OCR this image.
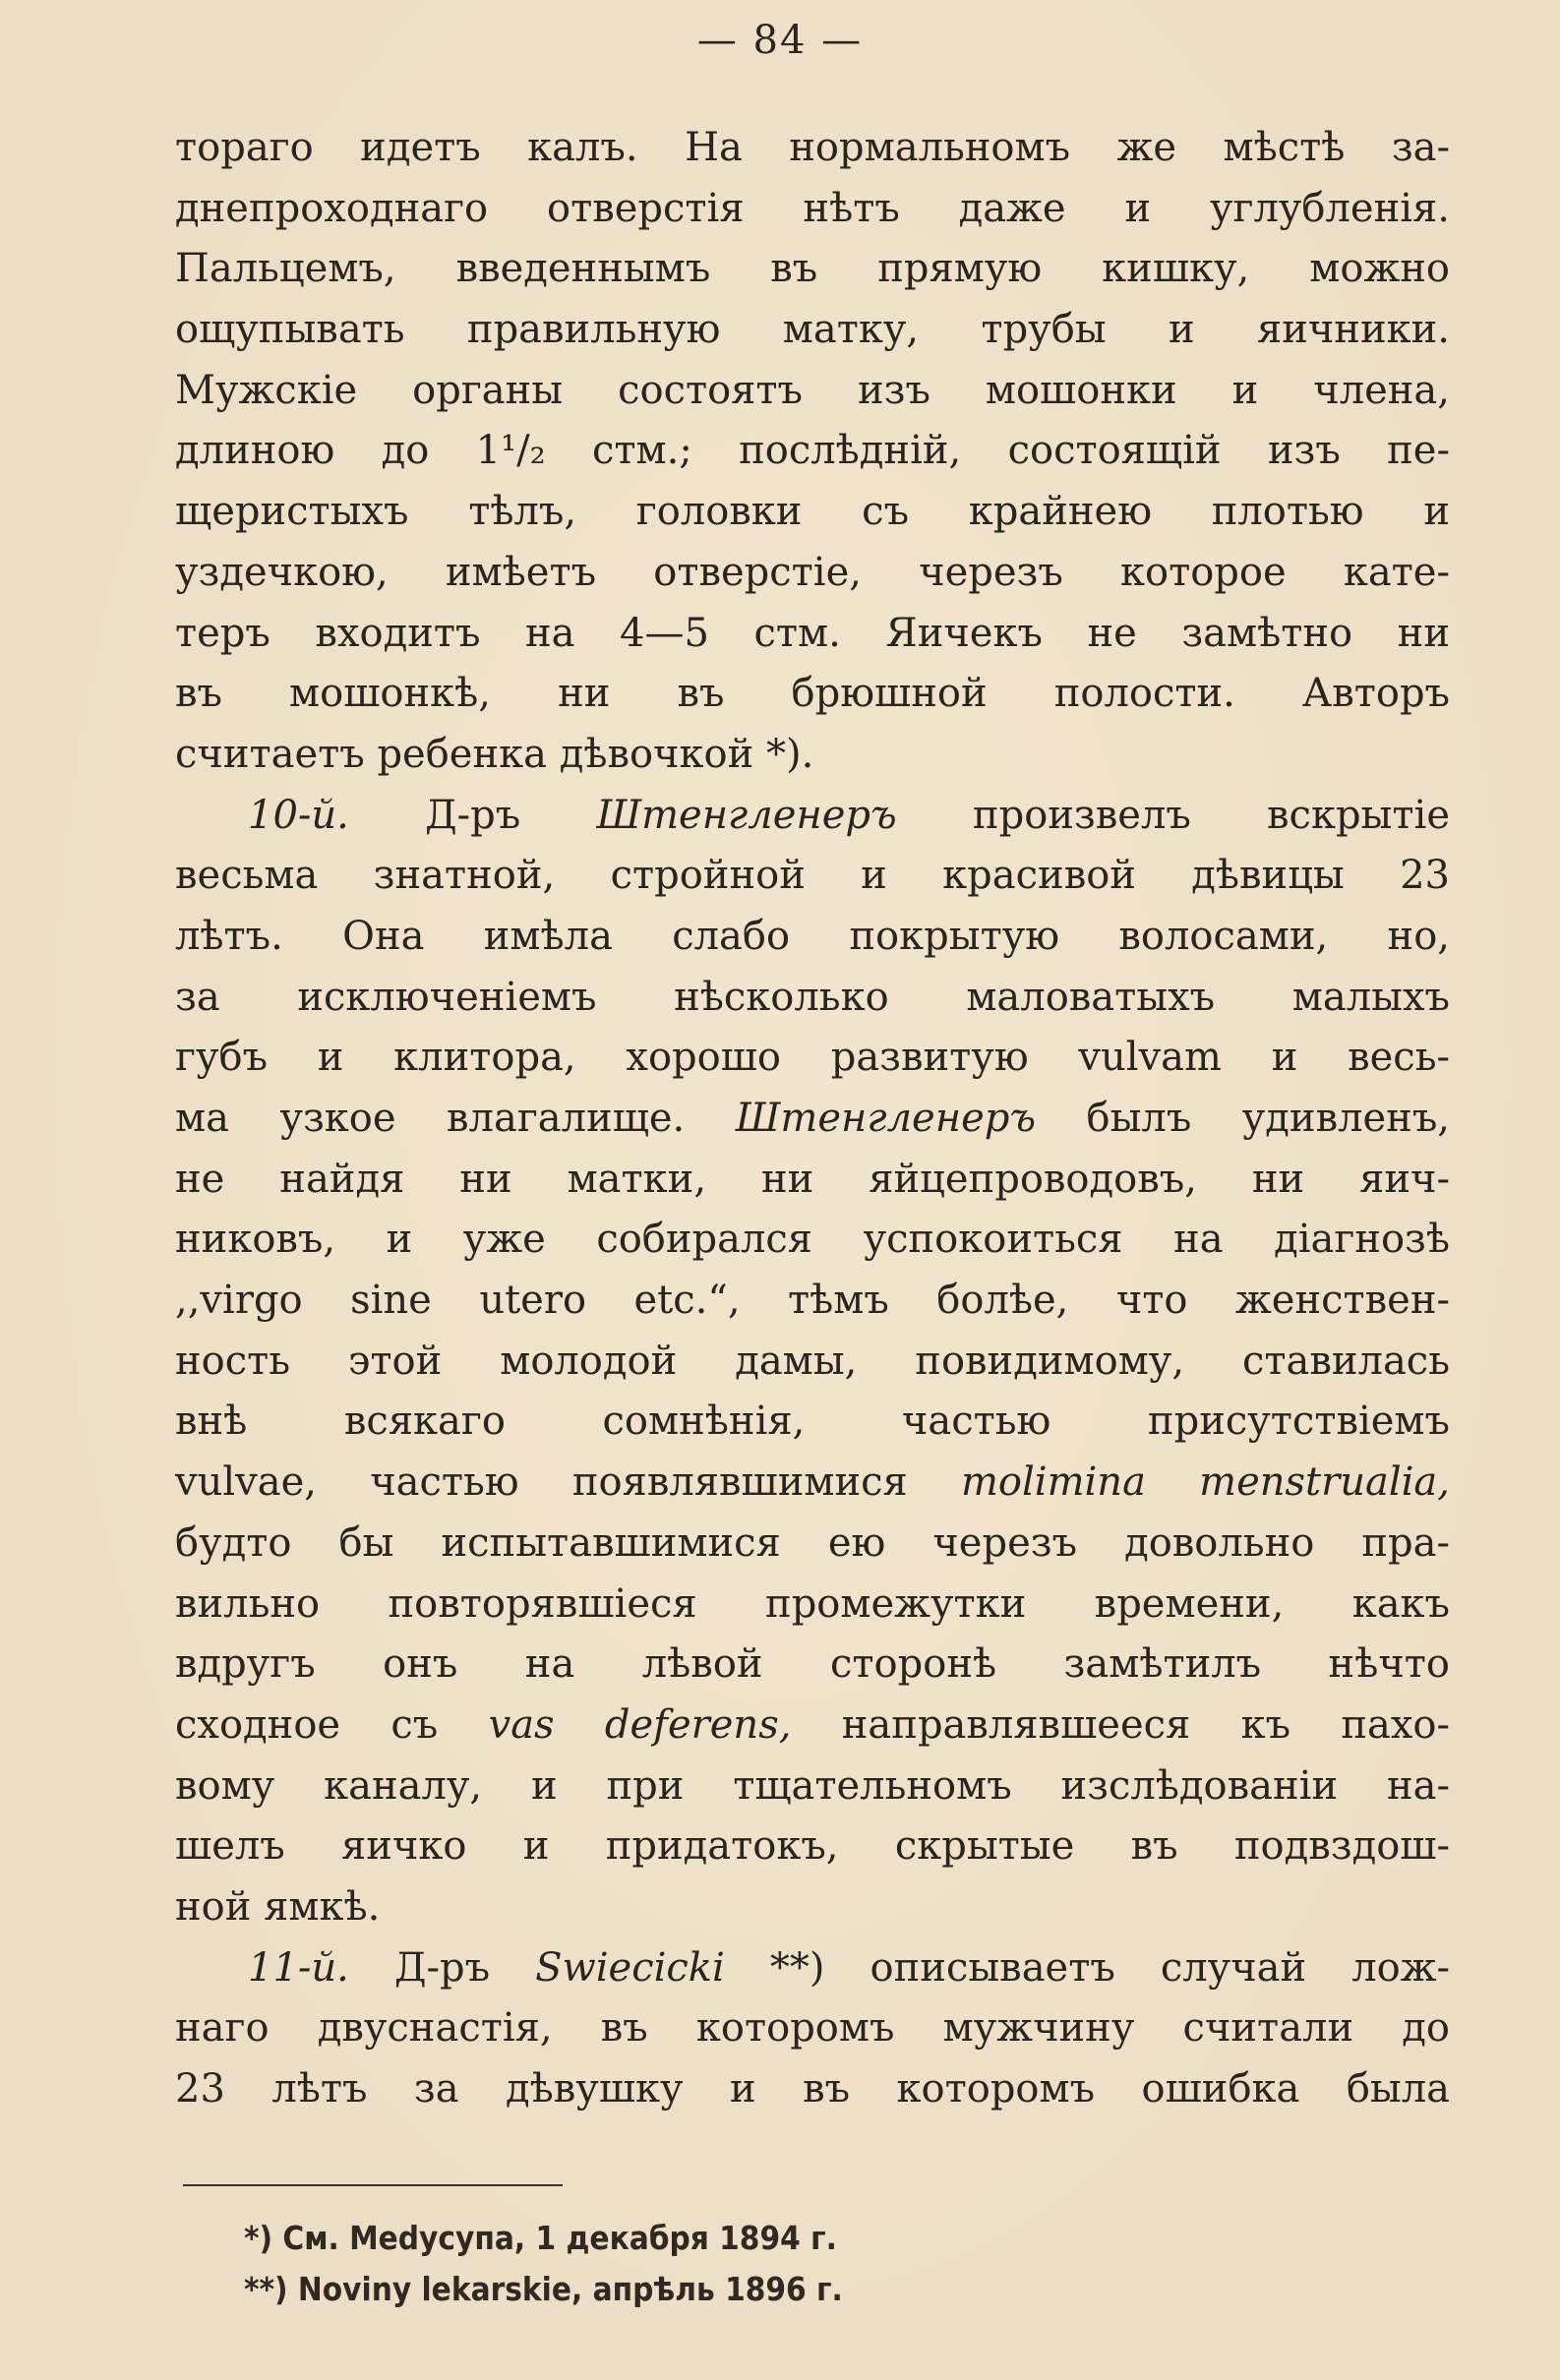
— 84 —
тораго идетъ калъ. На нормальномъ же мѣстѣ за-
днепроходнаго отверстія нѣтъ даже и углубленія.
Пальцемъ, введеннымъ въ прямую кишку, можно
ощупывать правильную матку, трубы и яичники.
Мужскіе органы состоятъ изъ мошонки и члена,
длиною до 1¹/₂ стм.; послѣдній, состоящій изъ пе-
щеристыхъ тѣлъ, головки съ крайнею плотью и
уздечкою, имѣетъ отверстіе, черезъ которое кате-
теръ входитъ на 4—5 стм. Яичекъ не замѣтно ни
въ мошонкѣ, ни въ брюшной полости. Авторъ
считаетъ ребенка дѣвочкой *).
10-й. Д-ръ Штенгленеръ произвелъ вскрытіе
весьма знатной, стройной и красивой дѣвицы 23
лѣтъ. Она имѣла слабо покрытую волосами, но,
за исключеніемъ нѣсколько маловатыхъ малыхъ
губъ и клитора, хорошо развитую vulvam и весь-
ма узкое влагалище. Штенгленеръ былъ удивленъ,
не найдя ни матки, ни яйцепроводовъ, ни яич-
никовъ, и уже собирался успокоиться на діагнозѣ
,,virgo sine utero etc.“, тѣмъ болѣе, что женствен-
ность этой молодой дамы, повидимому, ставилась
внѣ всякаго сомнѣнія, частью присутствіемъ
vulvae, частью появлявшимися molimina menstrualia,
будто бы испытавшимися ею черезъ довольно пра-
вильно повторявшіеся промежутки времени, какъ
вдругъ онъ на лѣвой сторонѣ замѣтилъ нѣчто
сходное съ vas deferens, направлявшееся къ пахо-
вому каналу, и при тщательномъ изслѣдованіи на-
шелъ яичко и придатокъ, скрытые въ подвздош-
ной ямкѣ.
11-й. Д-ръ Swiecicki **) описываетъ случай лож-
наго двуснастія, въ которомъ мужчину считали до
23 лѣтъ за дѣвушку и въ которомъ ошибка была
*) См. Меdусупа, 1 декабря 1894 г.
**) Noviny lekarskie, апрѣль 1896 г.
